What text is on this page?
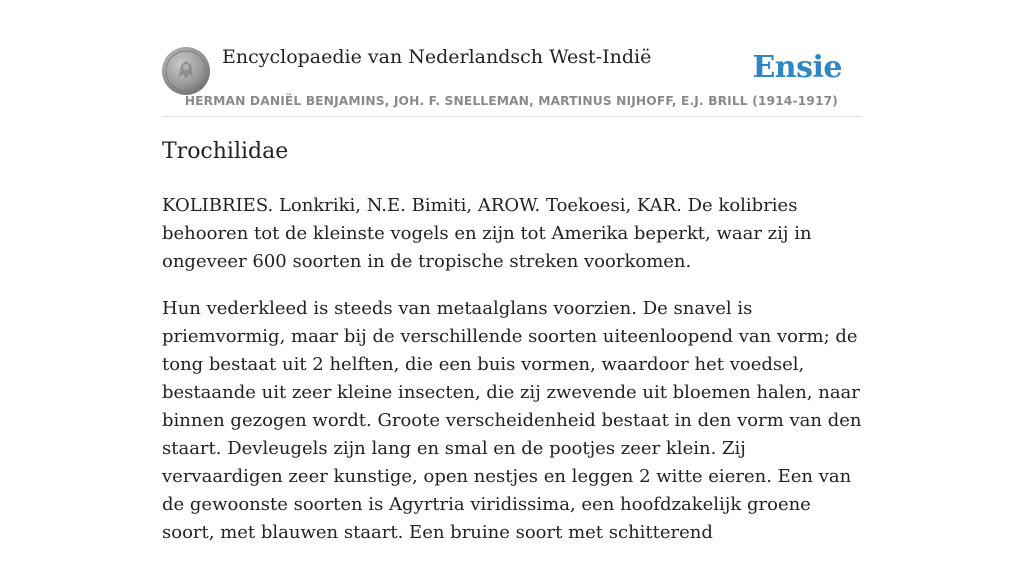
Encyclopaedie van Nederlandsch West-Indië	Ensie
HERMAN DANIËL BENJAMINS, JOH. F. SNELLEMAN, MARTINUS NIJHOFF, E.J. BRILL (1914-1917)
Trochilidae

KOLIBRIES. Lonkriki, N.E. Bimiti, AROW. Toekoesi, KAR. De kolibries behooren tot de kleinste vogels en zijn tot Amerika beperkt, waar zij in ongeveer 600 soorten in de tropische streken voorkomen.

Hun vederkleed is steeds van metaalglans voorzien. De snavel is priemvormig, maar bij de verschillende soorten uiteenloopend van vorm; de tong bestaat uit 2 helften, die een buis vormen, waardoor het voedsel, bestaande uit zeer kleine insecten, die zij zwevende uit bloemen halen, naar binnen gezogen wordt. Groote verscheidenheid bestaat in den vorm van den staart. Devleugels zijn lang en smal en de pootjes zeer klein. Zij vervaardigen zeer kunstige, open nestjes en leggen 2 witte eieren. Een van de gewoonste soorten is Agyrtria viridissima, een hoofdzakelijk groene soort, met blauwen staart. Een bruine soort met schitterend
